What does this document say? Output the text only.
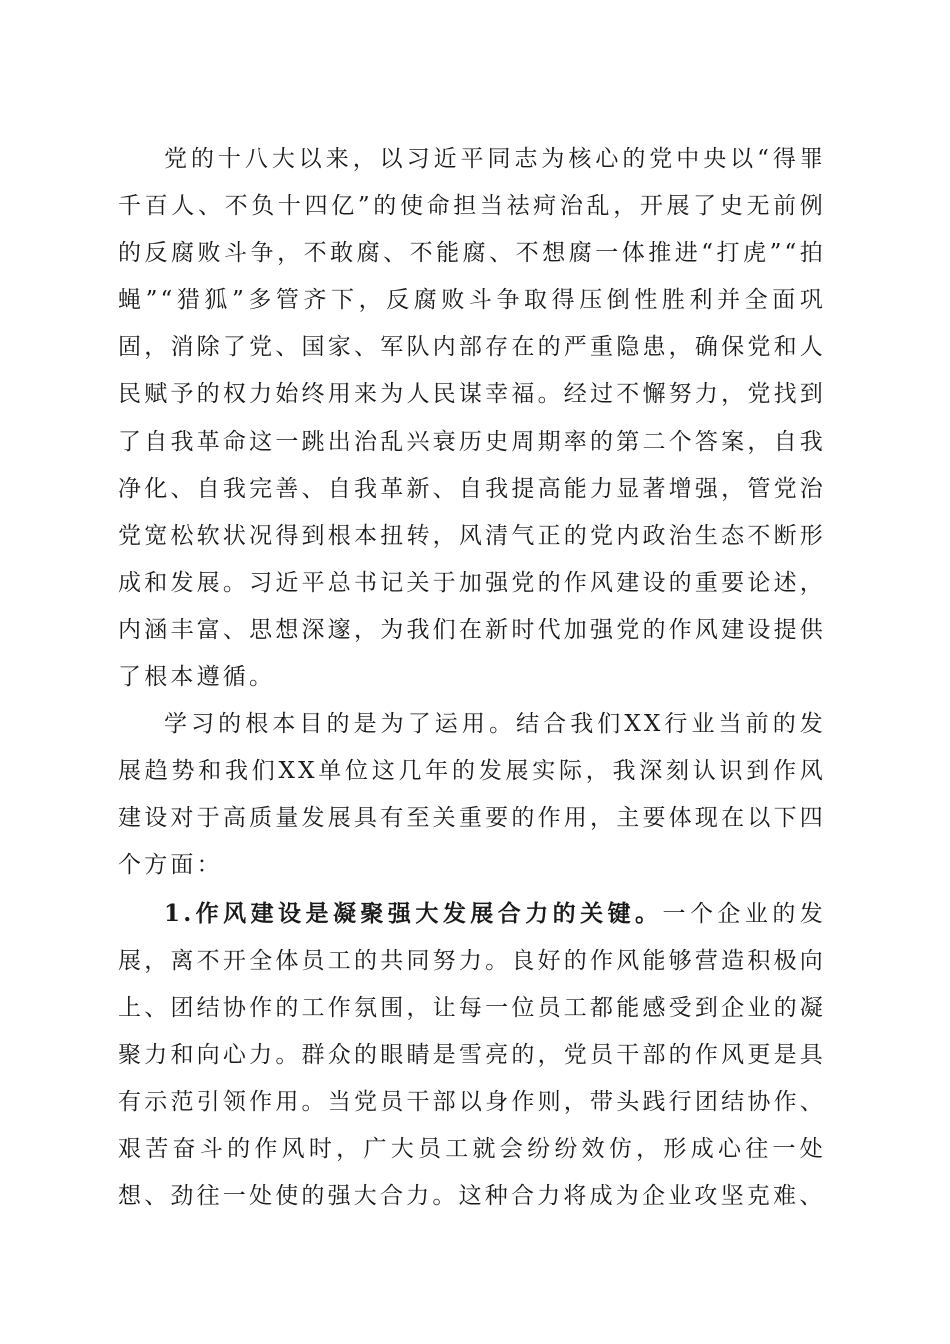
党的十八大以来，以习近平同志为核心的党中央以“得罪千百人、不负十四亿”的使命担当祛疴治乱，开展了史无前例的反腐败斗争，不敢腐、不能腐、不想腐一体推进“打虎”“拍蝇”“猎狐”多管齐下，反腐败斗争取得压倒性胜利并全面巩固，消除了党、国家、军队内部存在的严重隐患，确保党和人民赋予的权力始终用来为人民谋幸福。经过不懈努力，党找到了自我革命这一跳出治乱兴衰历史周期率的第二个答案，自我净化、自我完善、自我革新、自我提高能力显著增强，管党治党宽松软状况得到根本扭转，风清气正的党内政治生态不断形成和发展。习近平总书记关于加强党的作风建设的重要论述，内涵丰富、思想深邃，为我们在新时代加强党的作风建设提供了根本遵循。

学习的根本目的是为了运用。结合我们XX行业当前的发展趋势和我们XX单位这几年的发展实际，我深刻认识到作风建设对于高质量发展具有至关重要的作用，主要体现在以下四个方面：

1.作风建设是凝聚强大发展合力的关键。一个企业的发展，离不开全体员工的共同努力。良好的作风能够营造积极向上、团结协作的工作氛围，让每一位员工都能感受到企业的凝聚力和向心力。群众的眼睛是雪亮的，党员干部的作风更是具有示范引领作用。当党员干部以身作则，带头践行团结协作、艰苦奋斗的作风时，广大员工就会纷纷效仿，形成心往一处想、劲往一处使的强大合力。这种合力将成为企业攻坚克难、
